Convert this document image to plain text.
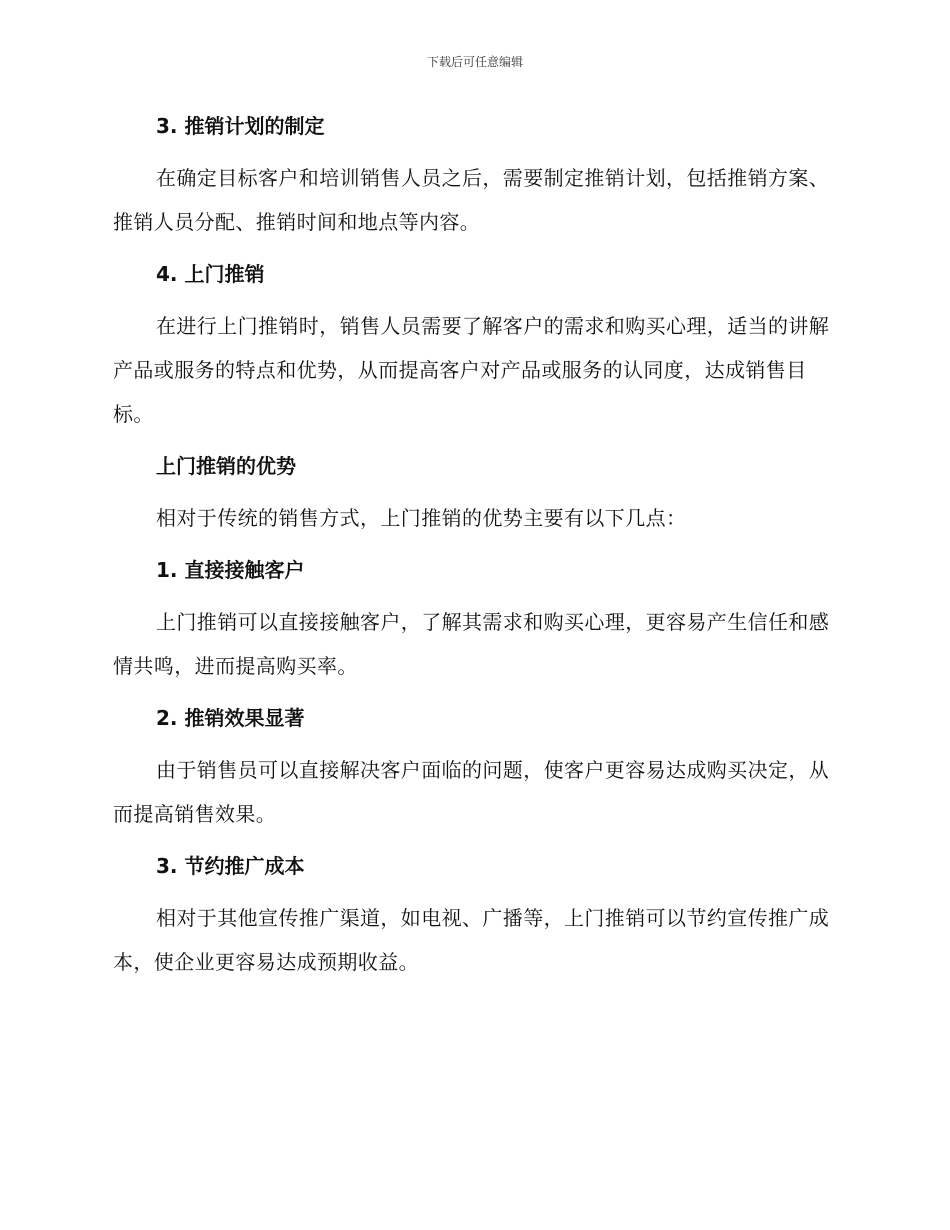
下载后可任意编辑
3. 推销计划的制定
在确定目标客户和培训销售人员之后，需要制定推销计划，包括推销方案、推销人员分配、推销时间和地点等内容。
4. 上门推销
在进行上门推销时，销售人员需要了解客户的需求和购买心理，适当的讲解产品或服务的特点和优势，从而提高客户对产品或服务的认同度，达成销售目标。
上门推销的优势
相对于传统的销售方式，上门推销的优势主要有以下几点：
1. 直接接触客户
上门推销可以直接接触客户，了解其需求和购买心理，更容易产生信任和感情共鸣，进而提高购买率。
2. 推销效果显著
由于销售员可以直接解决客户面临的问题，使客户更容易达成购买决定，从而提高销售效果。
3. 节约推广成本
相对于其他宣传推广渠道，如电视、广播等，上门推销可以节约宣传推广成本，使企业更容易达成预期收益。
